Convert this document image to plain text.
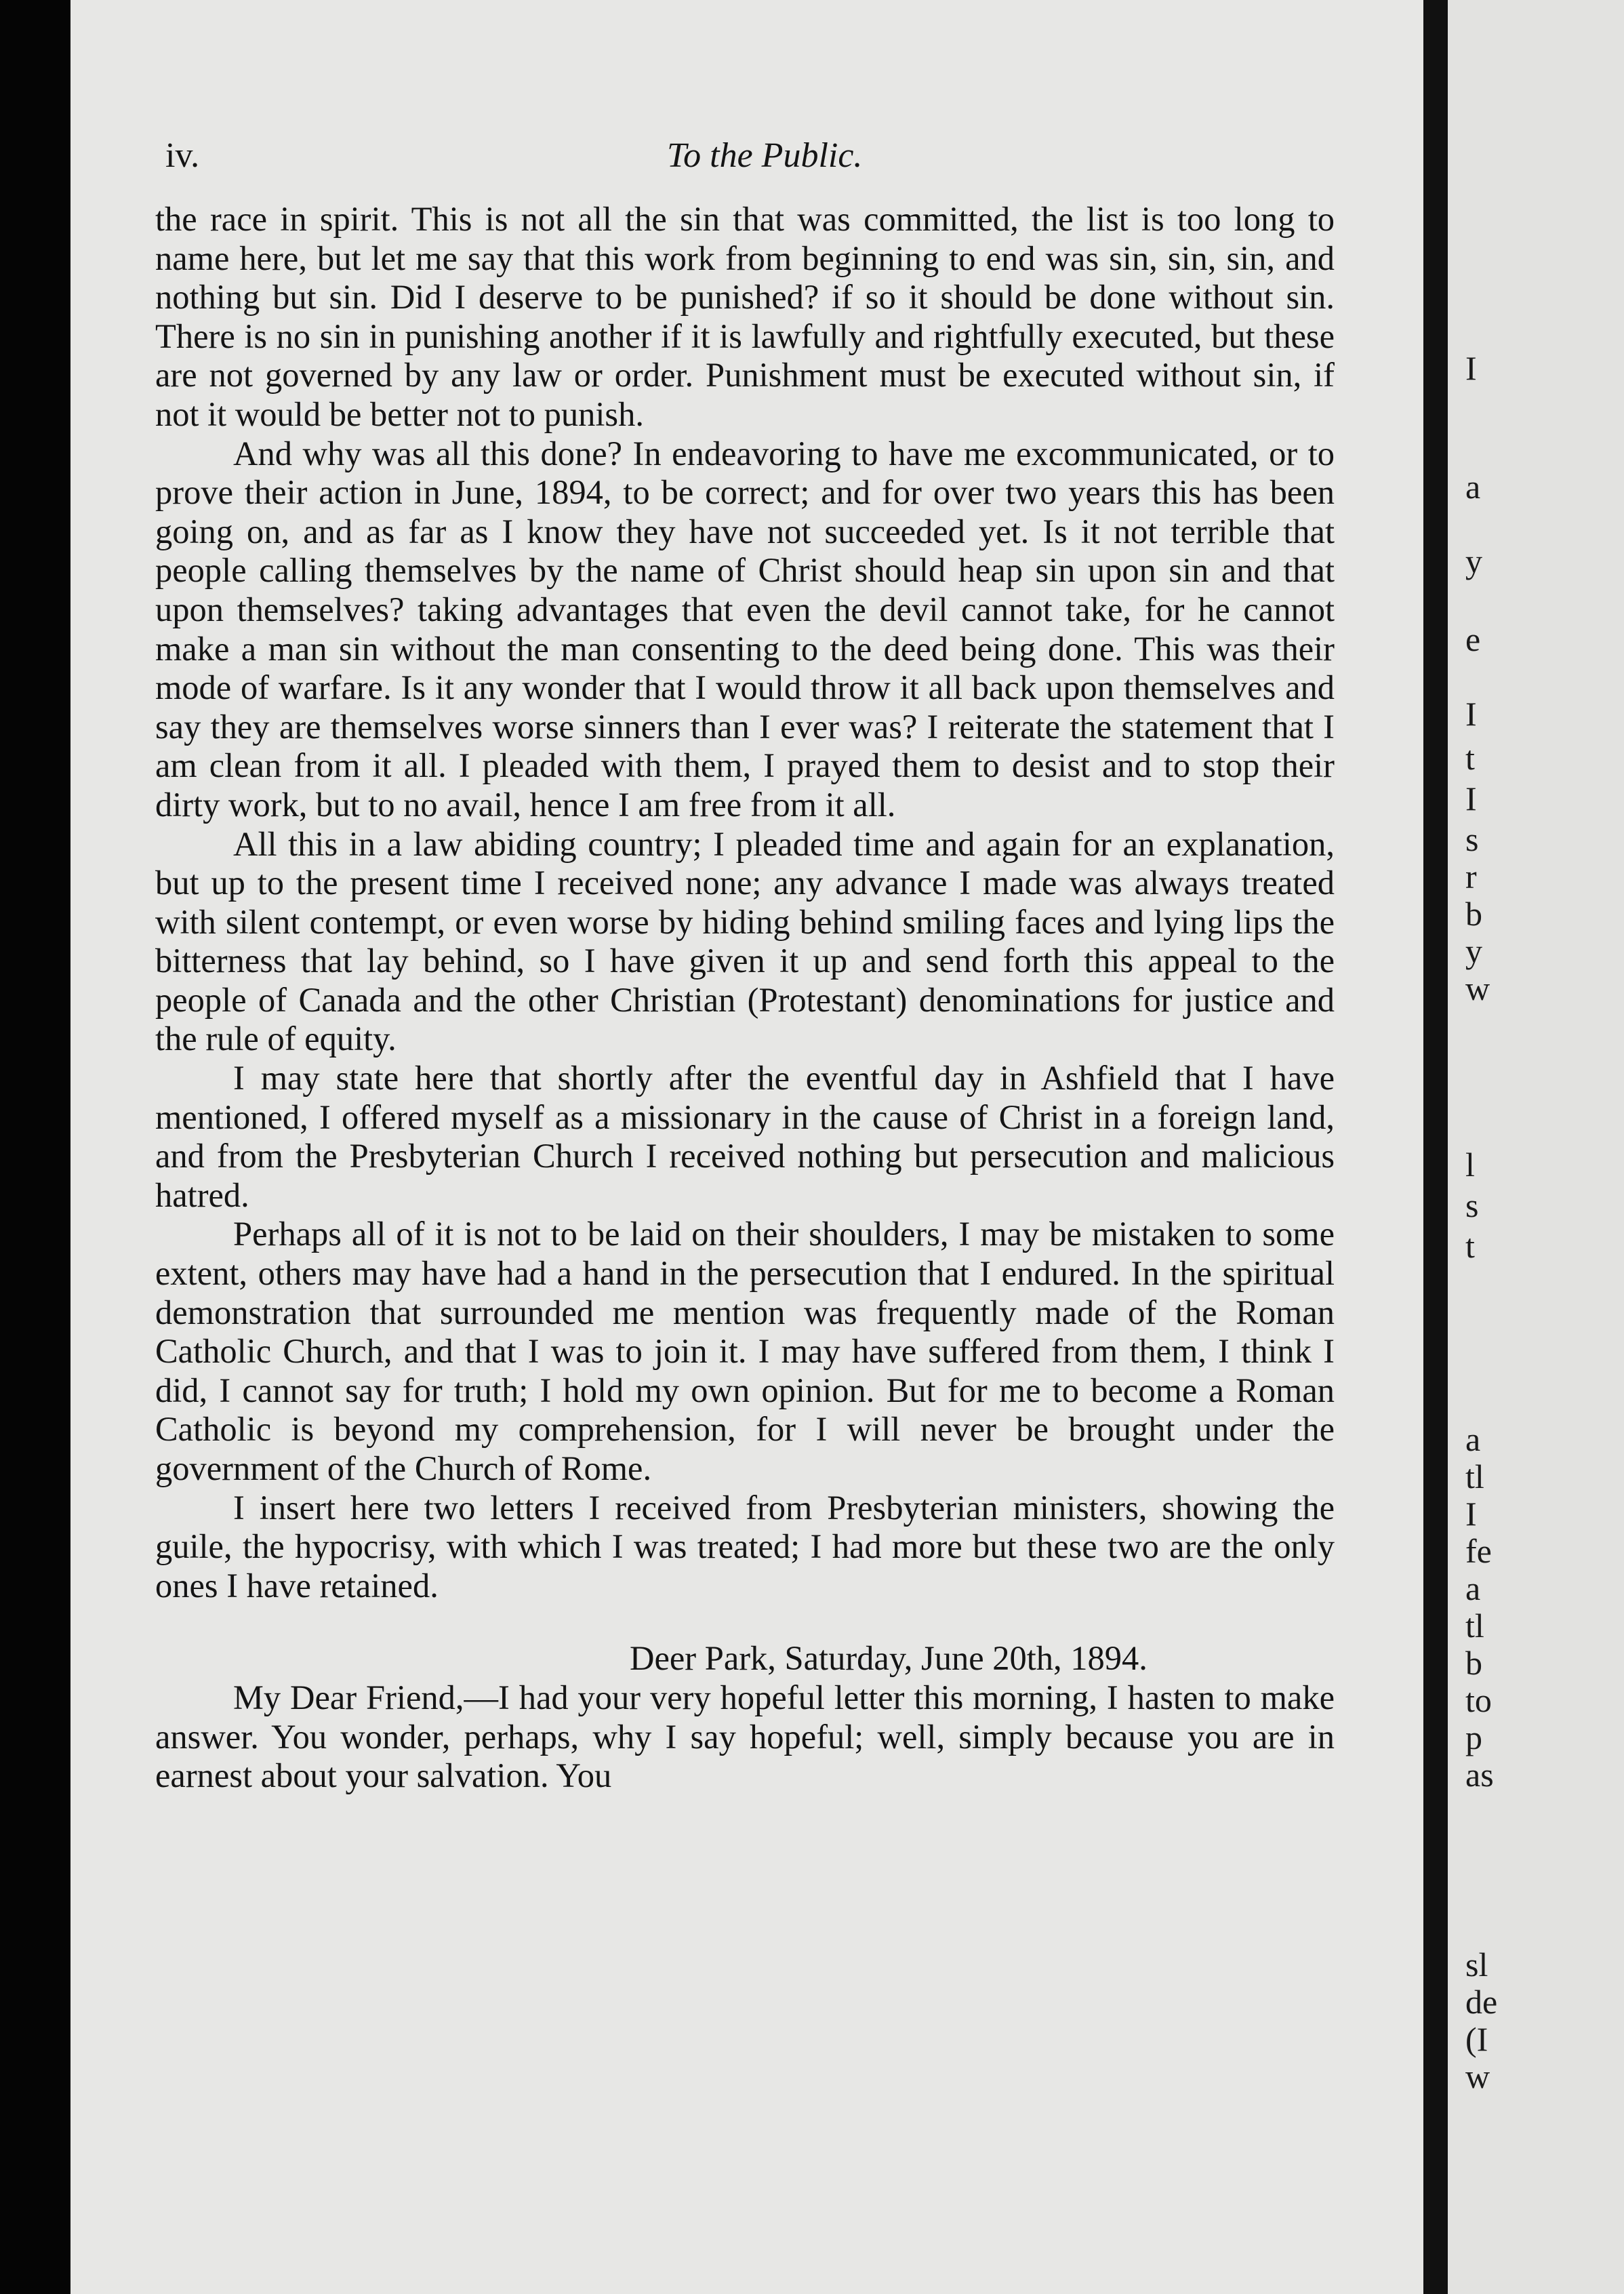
iv.	To the Public.

the race in spirit. This is not all the sin that was committed, the list is too long to name here, but let me say that this work from beginning to end was sin, sin, sin, and nothing but sin. Did I deserve to be punished? if so it should be done without sin. There is no sin in punishing another if it is lawfully and rightfully executed, but these are not governed by any law or order. Punishment must be executed without sin, if not it would be better not to punish.

And why was all this done? In endeavoring to have me excommunicated, or to prove their action in June, 1894, to be correct; and for over two years this has been going on, and as far as I know they have not succeeded yet. Is it not terrible that people calling themselves by the name of Christ should heap sin upon sin and that upon themselves? taking advantages that even the devil cannot take, for he cannot make a man sin without the man consenting to the deed being done. This was their mode of warfare. Is it any wonder that I would throw it all back upon themselves and say they are themselves worse sinners than I ever was? I reiterate the statement that I am clean from it all. I pleaded with them, I prayed them to desist and to stop their dirty work, but to no avail, hence I am free from it all.

All this in a law abiding country; I pleaded time and again for an explanation, but up to the present time I received none; any advance I made was always treated with silent contempt, or even worse by hiding behind smiling faces and lying lips the bitterness that lay behind, so I have given it up and send forth this appeal to the people of Canada and the other Christian (Protestant) denominations for justice and the rule of equity.

I may state here that shortly after the eventful day in Ashfield that I have mentioned, I offered myself as a missionary in the cause of Christ in a foreign land, and from the Presbyterian Church I received nothing but persecution and malicious hatred.

Perhaps all of it is not to be laid on their shoulders, I may be mistaken to some extent, others may have had a hand in the persecution that I endured. In the spiritual demonstration that surrounded me mention was frequently made of the Roman Catholic Church, and that I was to join it. I may have suffered from them, I think I did, I cannot say for truth; I hold my own opinion. But for me to become a Roman Catholic is beyond my comprehension, for I will never be brought under the government of the Church of Rome.

I insert here two letters I received from Presbyterian ministers, showing the guile, the hypocrisy, with which I was treated; I had more but these two are the only ones I have retained.

Deer Park, Saturday, June 20th, 1894.

My Dear Friend,—I had your very hopeful letter this morning, I hasten to make answer. You wonder, perhaps, why I say hopeful; well, simply because you are in earnest about your salvation. You

I
a
y
e
I
t
I
s
r
b
y
w
l
s
t
a
tl
I
fe
a
tl
b
to
p
as
sl
de
(I
w
